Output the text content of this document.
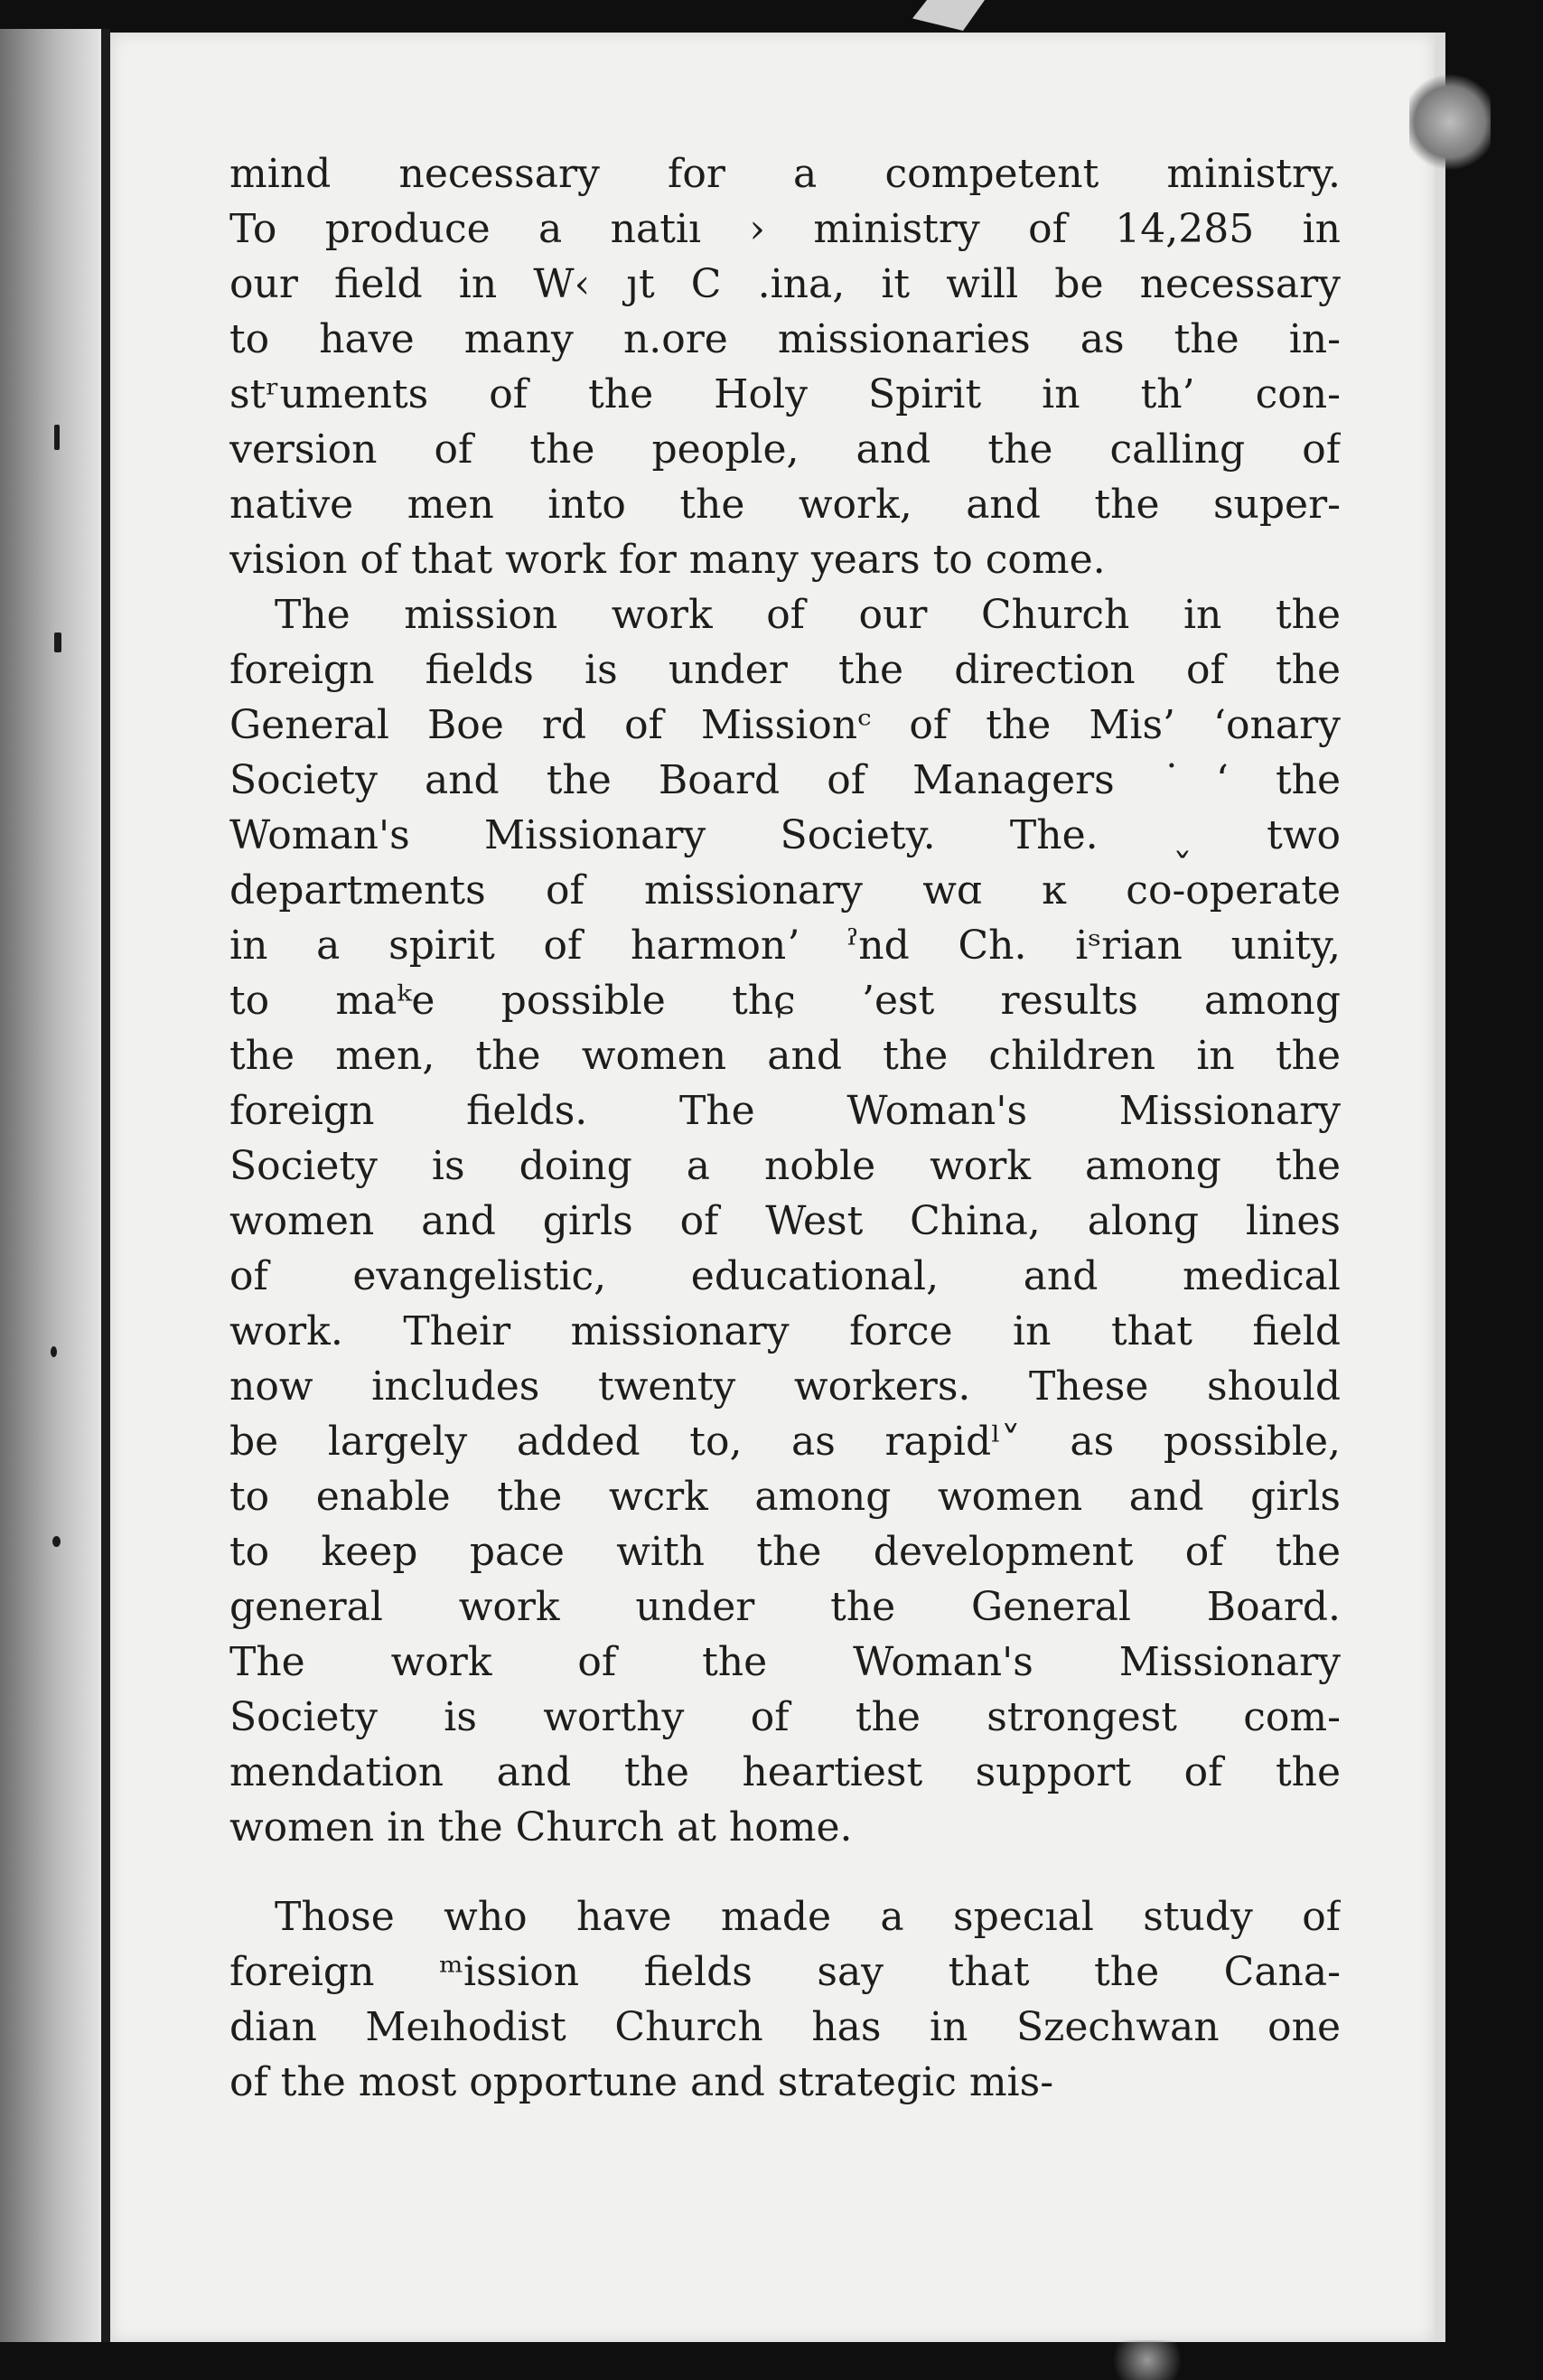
mind necessary for a competent ministry.
To produce a natiı › ministry of 14,285 in
our field in W‹ ȷt C .ina, it will be necessary
to have many n.ore missionaries as the in-
stʳuments of the Holy Spirit in th’ con-
version of the people, and the calling of
native men into the work, and the super-
vision of that work for many years to come.
The mission work of our Church in the
foreign fields is under the direction of the
General Boe rd of Missionᶜ of the Mis’ ʻonary
Society and the Board of Managers ˙ʻ the
Woman's Missionary Society. The. ˯ two
departments of missionary wɑ ĸ co-operate
in a spirit of harmonʼ ˀnd Ch. iˢrian unity,
to maᵏe possible thɕ ’est results among
the men, the women and the children in the
foreign fields. The Woman's Missionary
Society is doing a noble work among the
women and girls of West China, alonɡ lines
of evangelistic, educational, and medical
work. Their missionary force in that field
now includes twenty workers. These should
be largely added to, as rapidˡ˅ as possible,
to enable the wcrk among women and girls
to keep pace with the development of the
general work under the General Board.
The work of the Woman's Missionary
Society is worthy of the strongest com-
mendation and the heartiest support of the
women in the Church at home.
Those who have made a specıal study of
foreign ᵐission fields say that the Cana-
dian Meıhodist Church has in Szechwan one
of the most opportune and strategic mis-
